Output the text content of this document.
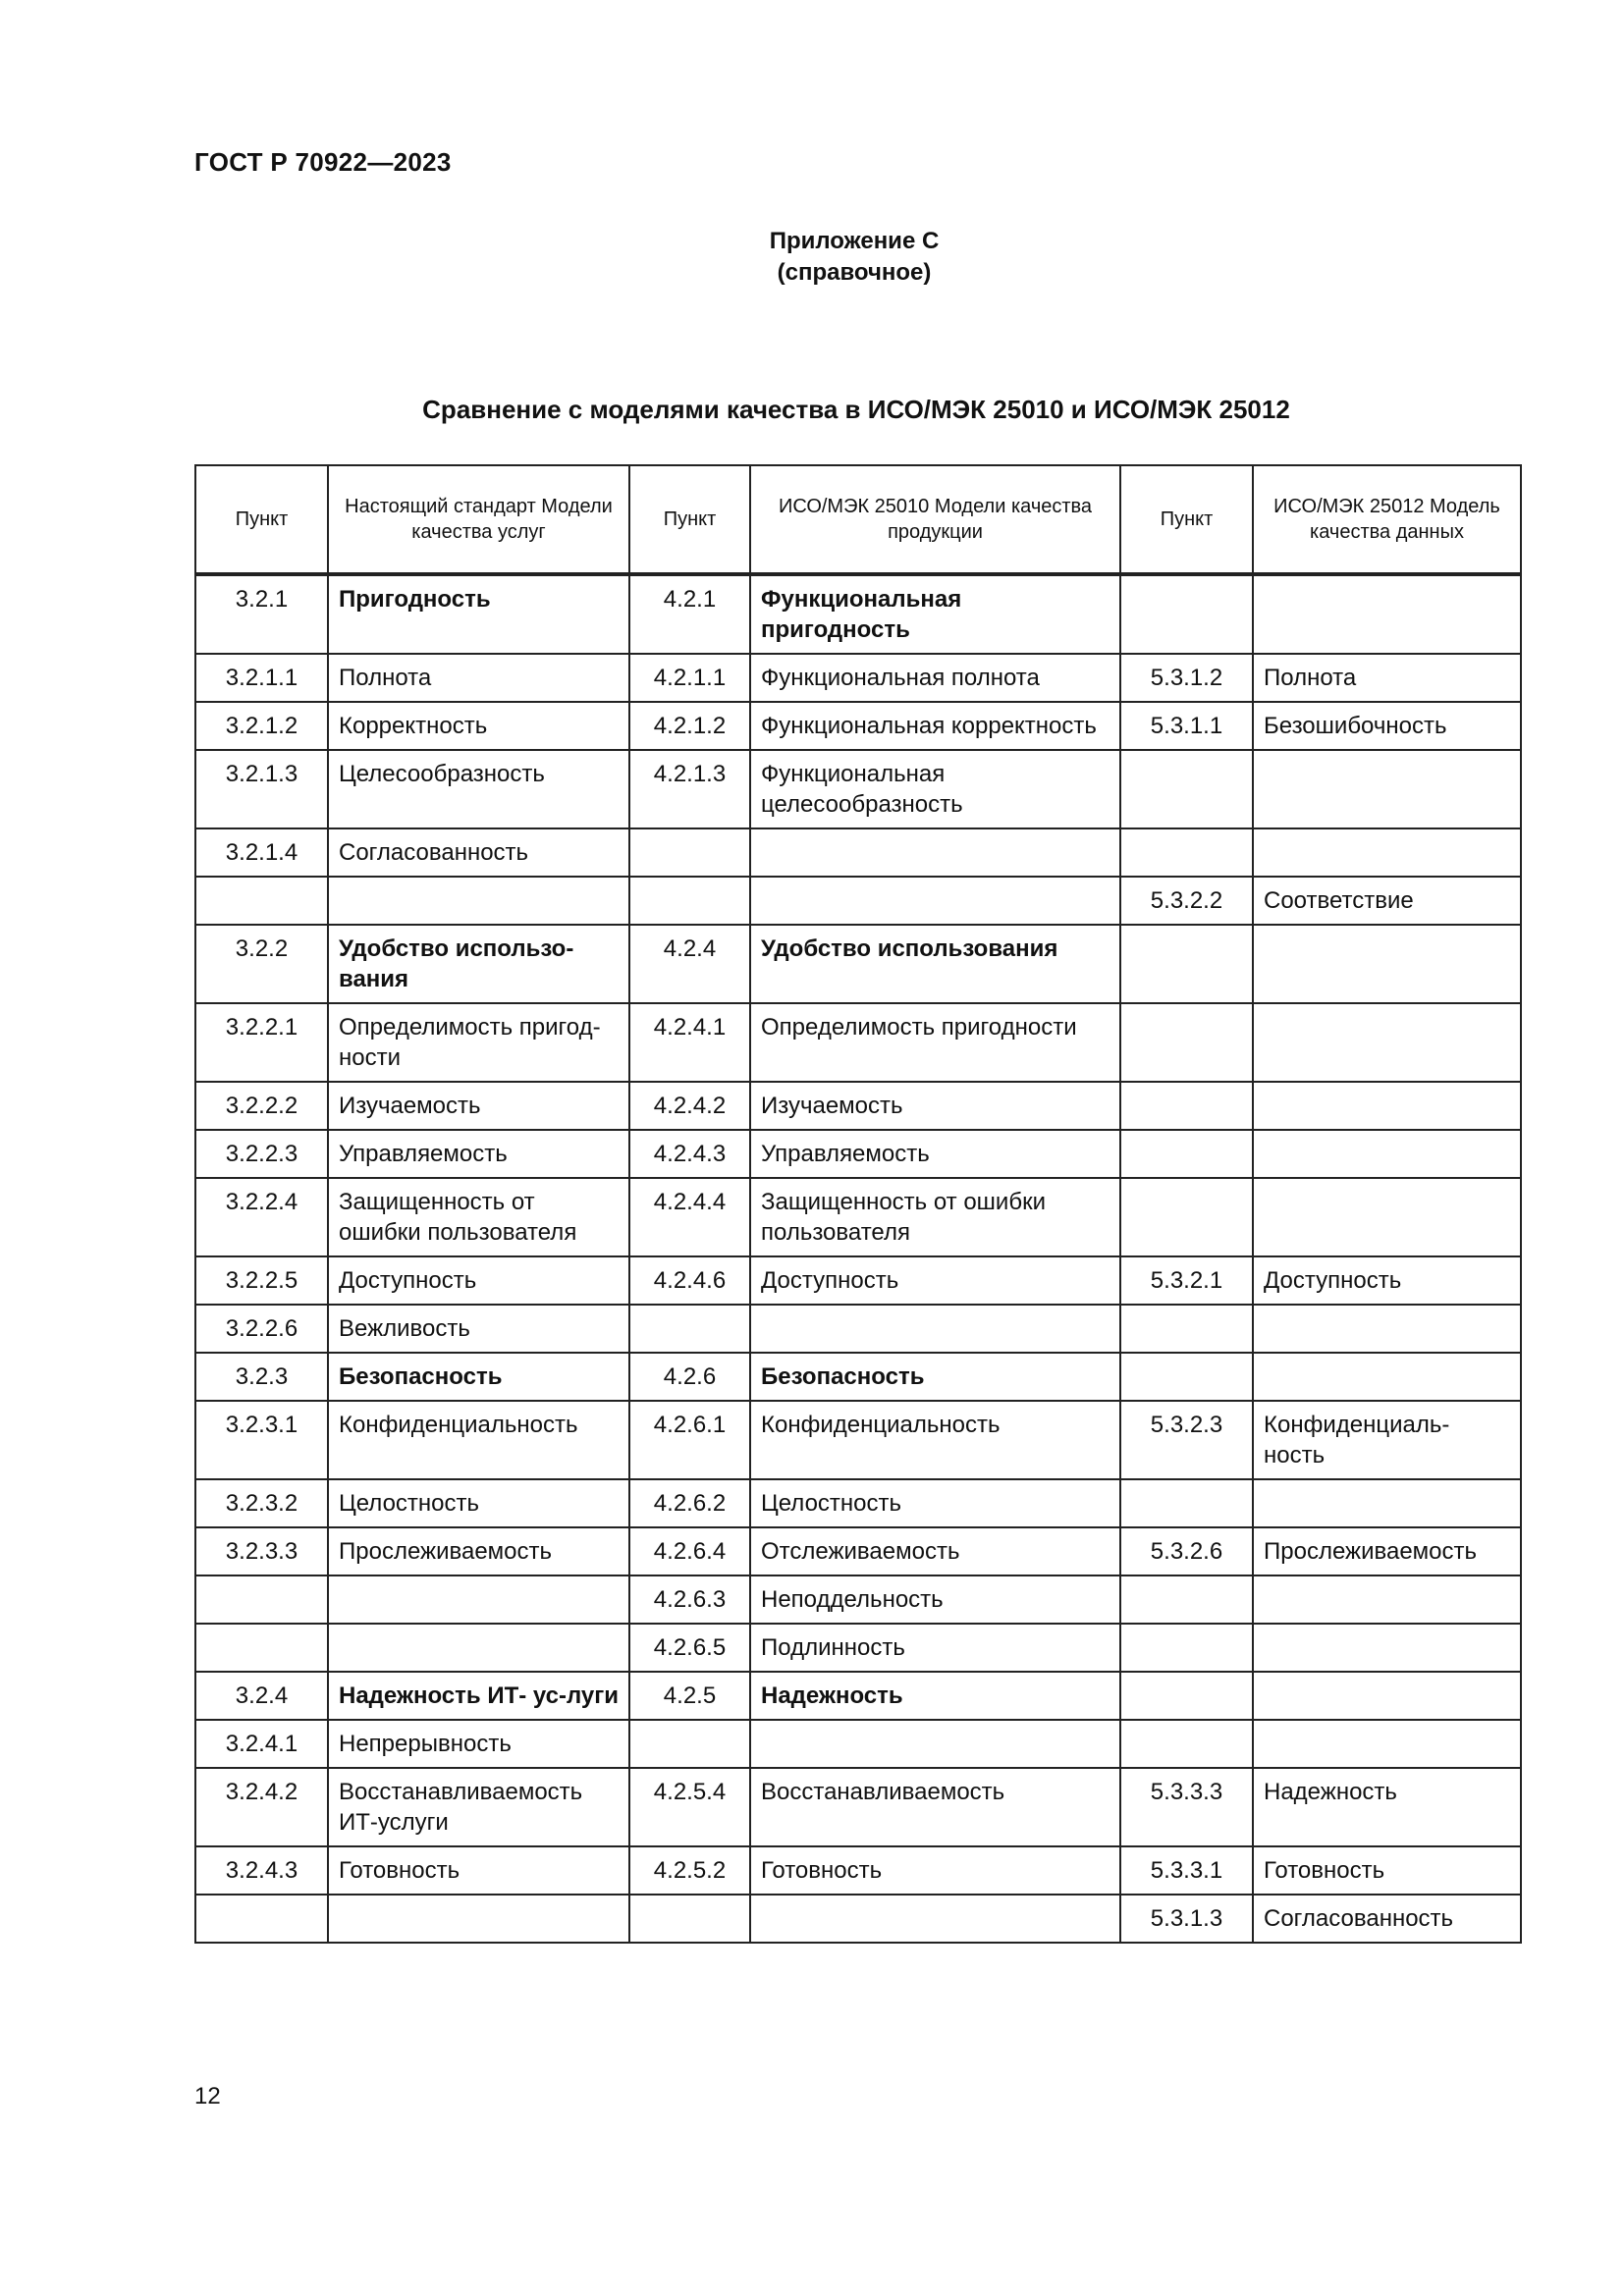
ГОСТ Р 70922—2023
Приложение С
(справочное)
Сравнение с моделями качества в ИСО/МЭК 25010 и ИСО/МЭК 25012
Пункт	Настоящий стандарт Модели качества услуг	Пункт	ИСО/МЭК 25010 Модели качества продукции	Пункт	ИСО/МЭК 25012 Модель качества данных
3.2.1	Пригодность	4.2.1	Функциональная пригодность		
3.2.1.1	Полнота	4.2.1.1	Функциональная полнота	5.3.1.2	Полнота
3.2.1.2	Корректность	4.2.1.2	Функциональная корректность	5.3.1.1	Безошибочность
3.2.1.3	Целесообразность	4.2.1.3	Функциональная целесообразность		
3.2.1.4	Согласованность				
				5.3.2.2	Соответствие
3.2.2	Удобство использо-вания	4.2.4	Удобство использования		
3.2.2.1	Определимость пригод-ности	4.2.4.1	Определимость пригодности		
3.2.2.2	Изучаемость	4.2.4.2	Изучаемость		
3.2.2.3	Управляемость	4.2.4.3	Управляемость		
3.2.2.4	Защищенность от ошибки пользователя	4.2.4.4	Защищенность от ошибки пользователя		
3.2.2.5	Доступность	4.2.4.6	Доступность	5.3.2.1	Доступность
3.2.2.6	Вежливость				
3.2.3	Безопасность	4.2.6	Безопасность		
3.2.3.1	Конфиденциальность	4.2.6.1	Конфиденциальность	5.3.2.3	Конфиденциаль-ность
3.2.3.2	Целостность	4.2.6.2	Целостность		
3.2.3.3	Прослеживаемость	4.2.6.4	Отслеживаемость	5.3.2.6	Прослеживаемость
		4.2.6.3	Неподдельность		
		4.2.6.5	Подлинность		
3.2.4	Надежность ИТ- ус-луги	4.2.5	Надежность		
3.2.4.1	Непрерывность				
3.2.4.2	Восстанавливаемость ИТ-услуги	4.2.5.4	Восстанавливаемость	5.3.3.3	Надежность
3.2.4.3	Готовность	4.2.5.2	Готовность	5.3.3.1	Готовность
				5.3.1.3	Согласованность
12
